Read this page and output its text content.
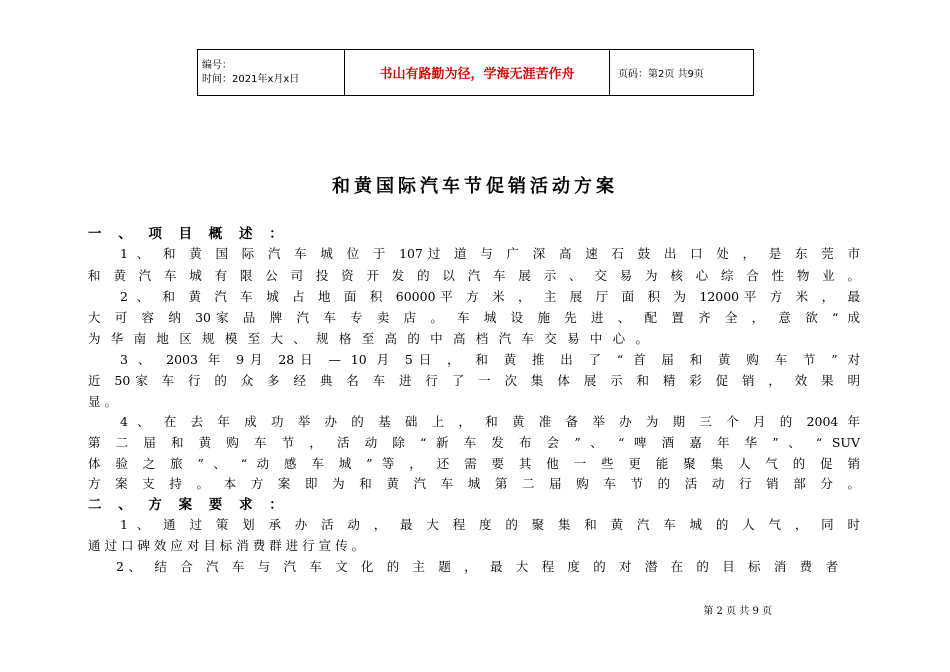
编号：
时间：2021年x月x日	书山有路勤为径，学海无涯苦作舟	页码：第2页 共9页
和黄国际汽车节促销活动方案
一 、 项 目 概 述 ：
1 、 和 黄 国 际 汽 车 城 位 于 107过 道 与 广 深 高 速 石 鼓 出 口 处 ， 是 东 莞 市
和 黄 汽 车 城 有 限 公 司 投 资 开 发 的 以 汽 车 展 示 、 交 易 为 核 心 综 合 性 物 业 。
2 、 和 黄 汽 车 城 占 地 面 积 60000平 方 米 ， 主 展 厅 面 积 为 12000平 方 米 ， 最
大 可 容 纳 30家 品 牌 汽 车 专 卖 店 。 车 城 设 施 先 进 、 配 置 齐 全 ， 意 欲 “ 成
为 华 南 地 区 规 模 至 大 、 规 格 至 高 的 中 高 档 汽 车 交 易 中 心 。
3 、 2003 年 9月 28日 — 10 月 5日 ， 和 黄 推 出 了 “ 首 届 和 黄 购 车 节 ” 对
近 50家 车 行 的 众 多 经 典 名 车 进 行 了 一 次 集 体 展 示 和 精 彩 促 销 ， 效 果 明
显 。
4 、 在 去 年 成 功 举 办 的 基 础 上 ， 和 黄 准 备 举 办 为 期 三 个 月 的 2004 年
第 二 届 和 黄 购 车 节 ， 活 动 除 “ 新 车 发 布 会 ” 、 “ 啤 酒 嘉 年 华 ” 、 “ SUV
体 验 之 旅 ” 、 “ 动 感 车 城 ” 等 ， 还 需 要 其 他 一 些 更 能 聚 集 人 气 的 促 销
方 案 支 持 。 本 方 案 即 为 和 黄 汽 车 城 第 二 届 购 车 节 的 活 动 行 销 部 分 。
二 、 方 案 要 求 ：
1 、 通 过 策 划 承 办 活 动 ， 最 大 程 度 的 聚 集 和 黄 汽 车 城 的 人 气 ， 同 时
通 过 口 碑 效 应 对 目 标 消 费 群 进 行 宣 传 。
2、 结 合 汽 车 与 汽 车 文 化 的 主 题 ， 最 大 程 度 的 对 潜 在 的 目 标 消 费 者
第 2 页 共 9 页
